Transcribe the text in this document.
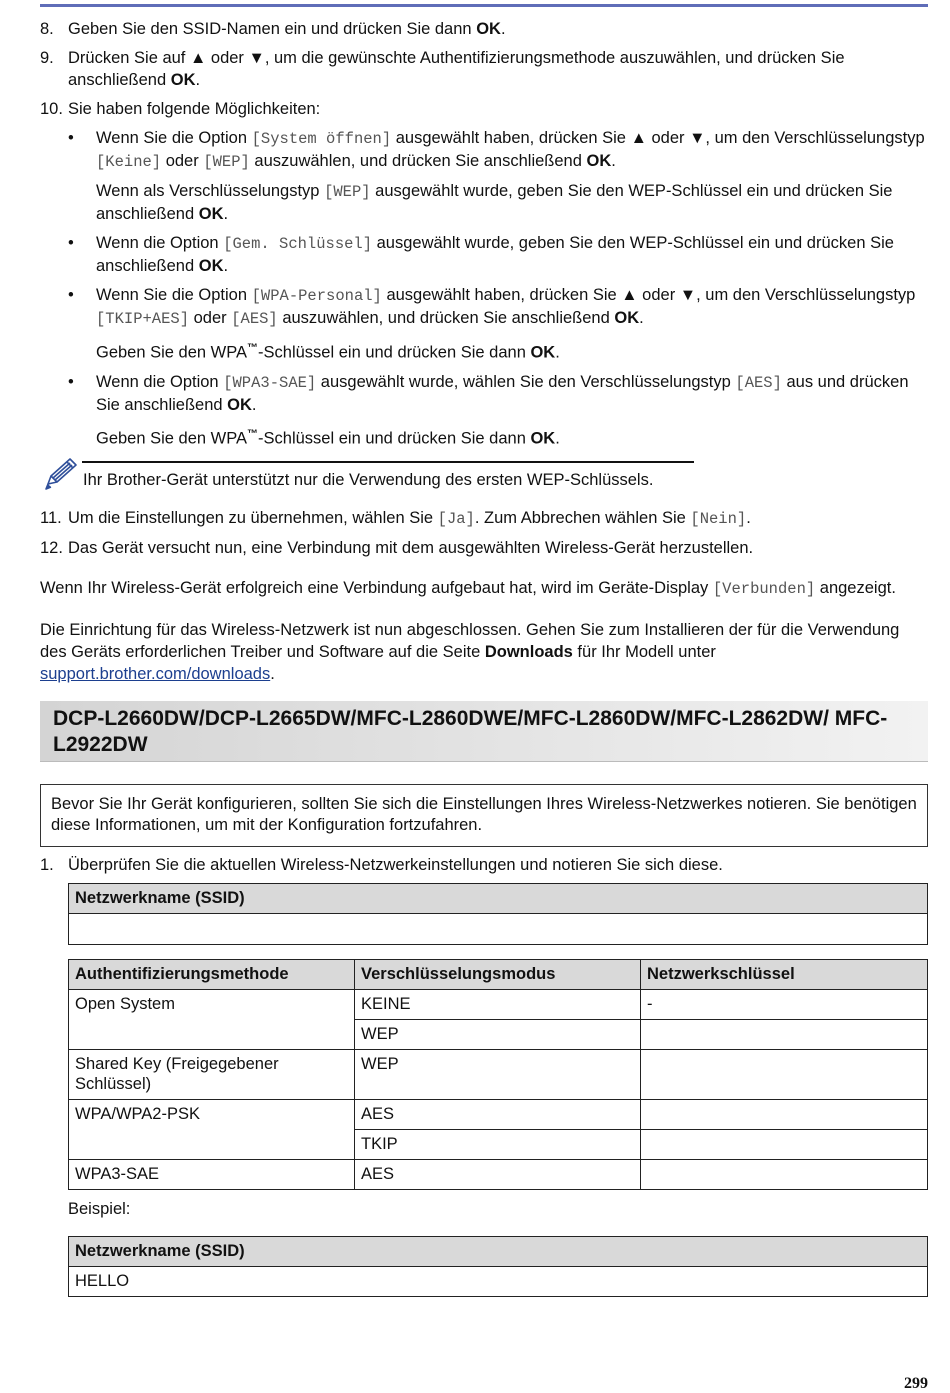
8. Geben Sie den SSID-Namen ein und drücken Sie dann OK.
9. Drücken Sie auf ▲ oder ▼, um die gewünschte Authentifizierungsmethode auszuwählen, und drücken Sie anschließend OK.
10. Sie haben folgende Möglichkeiten:
• Wenn Sie die Option [System öffnen] ausgewählt haben, drücken Sie ▲ oder ▼, um den Verschlüsselungstyp [Keine] oder [WEP] auszuwählen, und drücken Sie anschließend OK.
Wenn als Verschlüsselungstyp [WEP] ausgewählt wurde, geben Sie den WEP-Schlüssel ein und drücken Sie anschließend OK.
• Wenn die Option [Gem. Schlüssel] ausgewählt wurde, geben Sie den WEP-Schlüssel ein und drücken Sie anschließend OK.
• Wenn Sie die Option [WPA-Personal] ausgewählt haben, drücken Sie ▲ oder ▼, um den Verschlüsselungstyp [TKIP+AES] oder [AES] auszuwählen, und drücken Sie anschließend OK.
Geben Sie den WPA™-Schlüssel ein und drücken Sie dann OK.
• Wenn die Option [WPA3-SAE] ausgewählt wurde, wählen Sie den Verschlüsselungstyp [AES] aus und drücken Sie anschließend OK.
Geben Sie den WPA™-Schlüssel ein und drücken Sie dann OK.
Ihr Brother-Gerät unterstützt nur die Verwendung des ersten WEP-Schlüssels.
11. Um die Einstellungen zu übernehmen, wählen Sie [Ja]. Zum Abbrechen wählen Sie [Nein].
12. Das Gerät versucht nun, eine Verbindung mit dem ausgewählten Wireless-Gerät herzustellen.
Wenn Ihr Wireless-Gerät erfolgreich eine Verbindung aufgebaut hat, wird im Geräte-Display [Verbunden] angezeigt.
Die Einrichtung für das Wireless-Netzwerk ist nun abgeschlossen. Gehen Sie zum Installieren der für die Verwendung des Geräts erforderlichen Treiber und Software auf die Seite Downloads für Ihr Modell unter support.brother.com/downloads.
DCP-L2660DW/DCP-L2665DW/MFC-L2860DWE/MFC-L2860DW/MFC-L2862DW/ MFC-L2922DW
Bevor Sie Ihr Gerät konfigurieren, sollten Sie sich die Einstellungen Ihres Wireless-Netzwerkes notieren. Sie benötigen diese Informationen, um mit der Konfiguration fortzufahren.
1. Überprüfen Sie die aktuellen Wireless-Netzwerkeinstellungen und notieren Sie sich diese.
Netzwerkname (SSID)

Authentifizierungsmethode	Verschlüsselungsmodus	Netzwerkschlüssel
Open System	KEINE	-
	WEP	
Shared Key (Freigegebener Schlüssel)	WEP	
WPA/WPA2-PSK	AES	
	TKIP	
WPA3-SAE	AES	
Beispiel:
Netzwerkname (SSID)
HELLO
299
